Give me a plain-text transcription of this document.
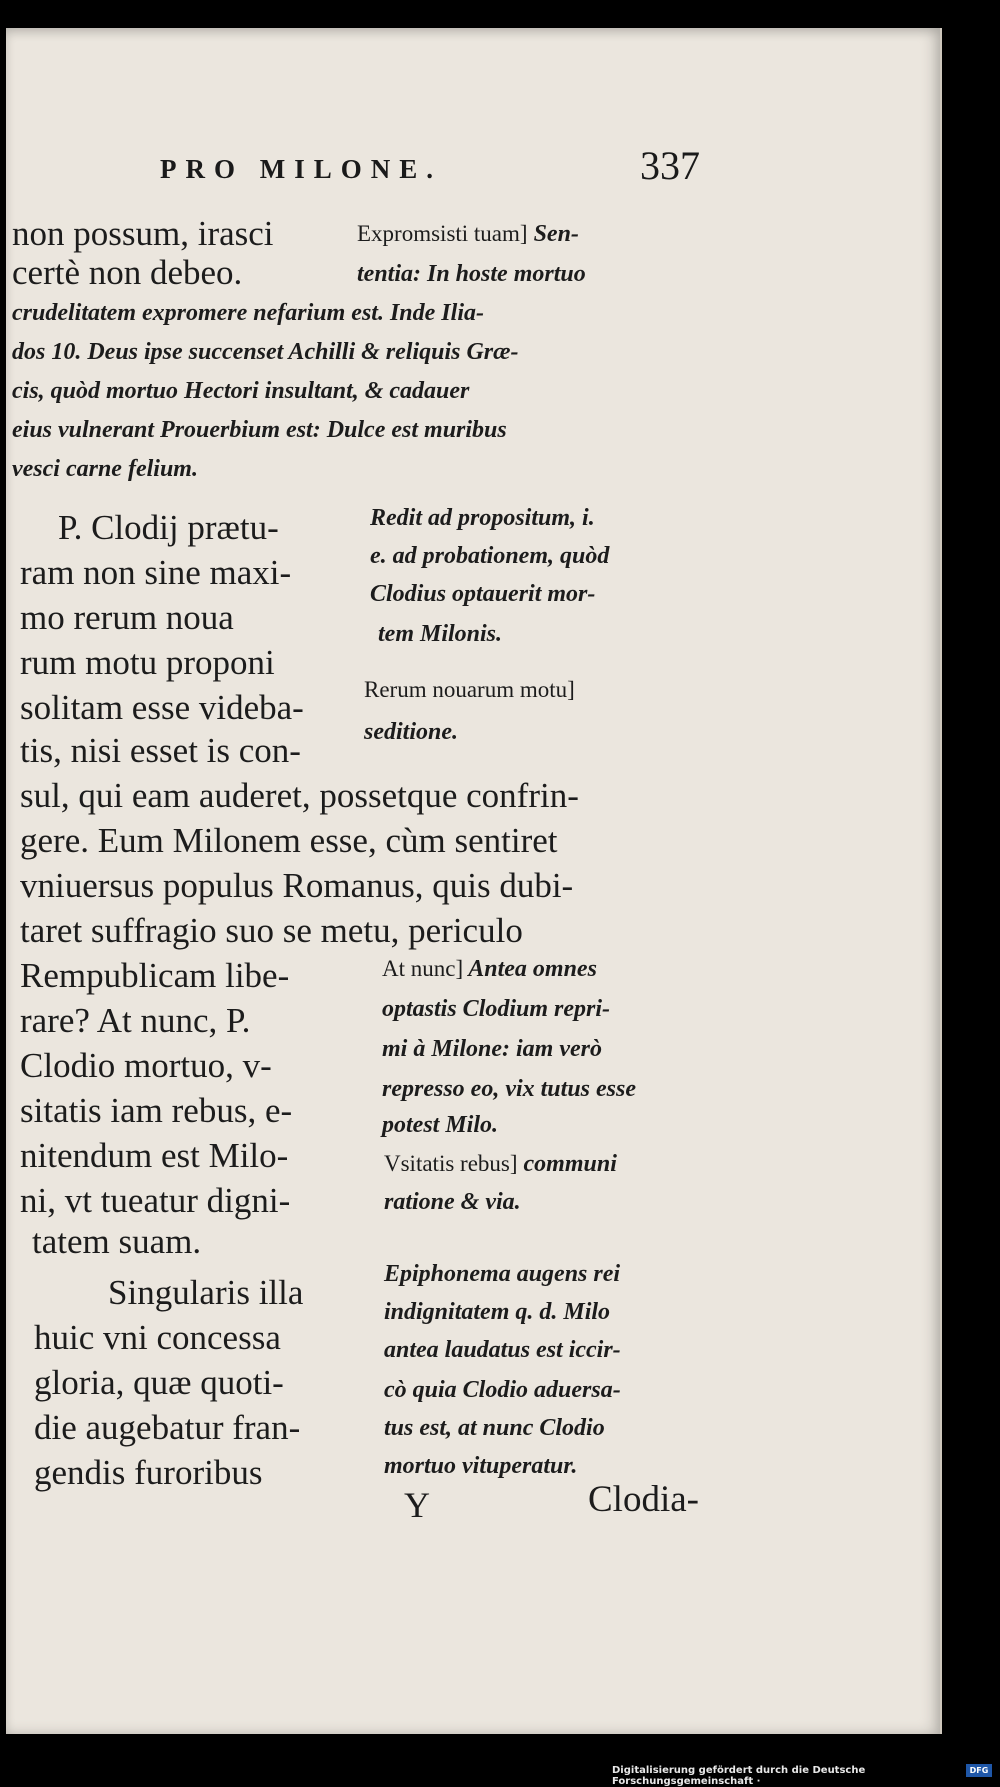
PRO MILONE.	337

non possum, irasci	Expromsisti tuam] Sen-

certè non debeo.	tentia: In hoste mortuo

crudelitatem expromere nefarium est. Inde Ilia-

dos 10. Deus ipse succenset Achilli & reliquis Græ-

cis, quòd mortuo Hectori insultant, & cadauer

eius vulnerant Prouerbium est: Dulce est muribus

vesci carne felium.

P. Clodij prætu-	Redit ad propositum, i.

ram non sine maxi-	e. ad probationem, quòd

mo rerum noua

Clodius optauerit mor-

rum motu proponi

tem Milonis.

solitam esse videba-	Rerum nouarum motu]

tis, nisi esset is con-	seditione.

sul, qui eam auderet, possetque confrin-

gere. Eum Milonem esse, cùm sentiret

vniuersus populus Romanus, quis dubi-

taret suffragio suo se metu, periculo

Rempublicam libe-	At nunc] Antea omnes

rare? At nunc, P.	optastis Clodium repri-

Clodio mortuo, v-	mi à Milone: iam verò

sitatis iam rebus, e-

represso eo, vix tutus esse

nitendum est Milo-

potest Milo.

ni, vt tueatur digni-

Vsitatis rebus] communi

ratione & via.

tatem suam.

Singularis illa	Epiphonema augens rei

huic vni concessa

indignitatem q. d. Milo

gloria, quæ quoti-

antea laudatus est iccir-

die augebatur fran-

cò quia Clodio aduersa-

gendis furoribus

tus est, at nunc Clodio

mortuo vituperatur.

Y	Clodia-
Digitalisierung gefördert durch die Deutsche Forschungsgemeinschaft ·
DFG
